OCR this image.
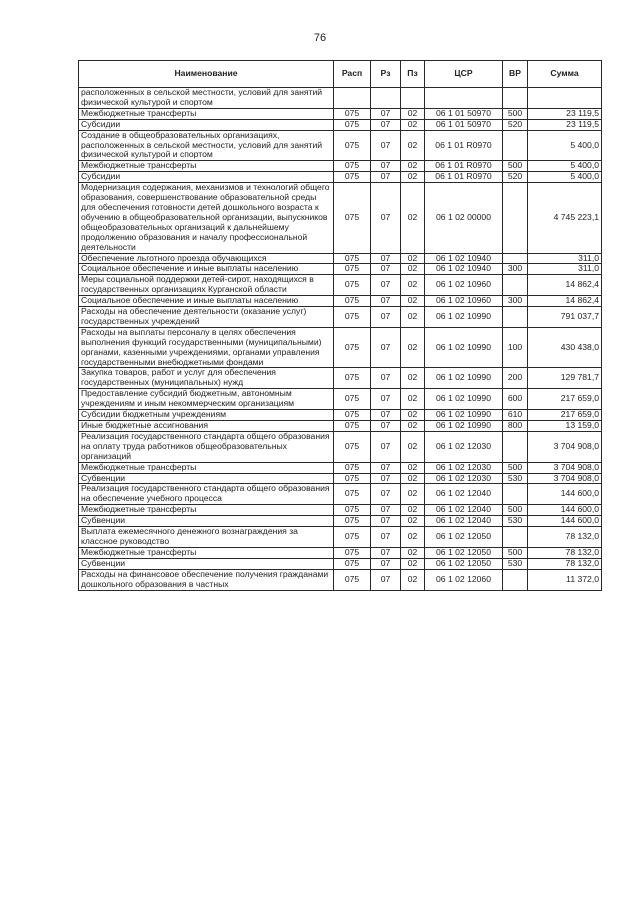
76
Наименование	Расп	Рз	Пз	ЦСР	ВР	Сумма
расположенных в сельской местности, условий для занятий физической культурой и спортом						
Межбюджетные трансферты	075	07	02	06 1 01 50970	500	23 119,5
Субсидии	075	07	02	06 1 01 50970	520	23 119,5
Создание в общеобразовательных организациях, расположенных в сельской местности, условий для занятий физической культурой и спортом	075	07	02	06 1 01 R0970		5 400,0
Межбюджетные трансферты	075	07	02	06 1 01 R0970	500	5 400,0
Субсидии	075	07	02	06 1 01 R0970	520	5 400,0
Модернизация содержания, механизмов и технологий общего образования, совершенствование образовательной среды для обеспечения готовности детей дошкольного возраста к обучению в общеобразовательной организации, выпускников общеобразовательных организаций к дальнейшему продолжению образования и началу профессиональной деятельности	075	07	02	06 1 02 00000		4 745 223,1
Обеспечение льготного проезда обучающихся	075	07	02	06 1 02 10940		311,0
Социальное обеспечение и иные выплаты населению	075	07	02	06 1 02 10940	300	311,0
Меры социальной поддержки детей-сирот, находящихся в государственных организациях Курганской области	075	07	02	06 1 02 10960		14 862,4
Социальное обеспечение и иные выплаты населению	075	07	02	06 1 02 10960	300	14 862,4
Расходы на обеспечение деятельности (оказание услуг) государственных учреждений	075	07	02	06 1 02 10990		791 037,7
Расходы на выплаты персоналу в целях обеспечения выполнения функций государственными (муниципальными) органами, казенными учреждениями, органами управления государственными внебюджетными фондами	075	07	02	06 1 02 10990	100	430 438,0
Закупка товаров, работ и услуг для обеспечения государственных (муниципальных) нужд	075	07	02	06 1 02 10990	200	129 781,7
Предоставление субсидий бюджетным, автономным учреждениям и иным некоммерческим организациям	075	07	02	06 1 02 10990	600	217 659,0
Субсидии бюджетным учреждениям	075	07	02	06 1 02 10990	610	217 659,0
Иные бюджетные ассигнования	075	07	02	06 1 02 10990	800	13 159,0
Реализация государственного стандарта общего образования на оплату труда работников общеобразовательных организаций	075	07	02	06 1 02 12030		3 704 908,0
Межбюджетные трансферты	075	07	02	06 1 02 12030	500	3 704 908,0
Субвенции	075	07	02	06 1 02 12030	530	3 704 908,0
Реализация государственного стандарта общего образования на обеспечение учебного процесса	075	07	02	06 1 02 12040		144 600,0
Межбюджетные трансферты	075	07	02	06 1 02 12040	500	144 600,0
Субвенции	075	07	02	06 1 02 12040	530	144 600,0
Выплата ежемесячного денежного вознаграждения за классное руководство	075	07	02	06 1 02 12050		78 132,0
Межбюджетные трансферты	075	07	02	06 1 02 12050	500	78 132,0
Субвенции	075	07	02	06 1 02 12050	530	78 132,0
Расходы на финансовое обеспечение получения гражданами дошкольного образования в частных	075	07	02	06 1 02 12060		11 372,0
